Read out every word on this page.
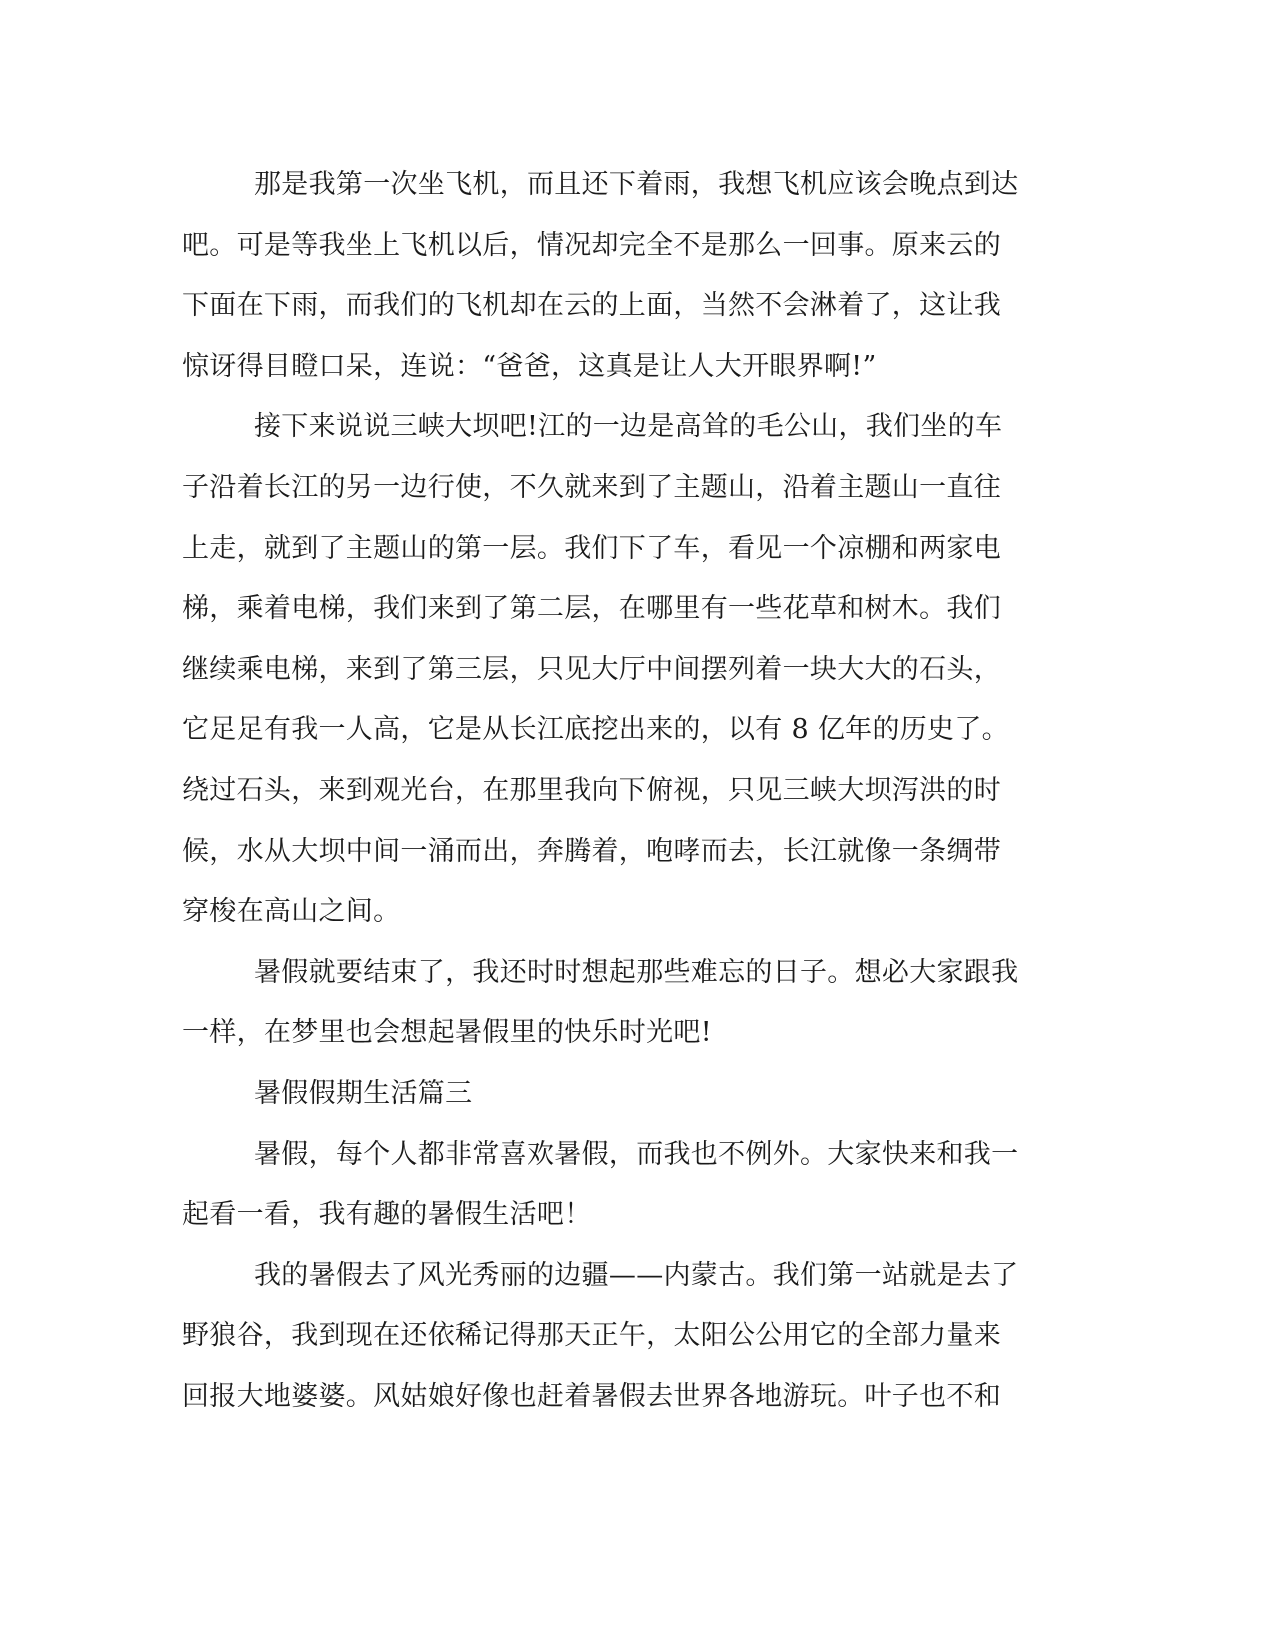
那是我第一次坐飞机，而且还下着雨，我想飞机应该会晚点到达
吧。可是等我坐上飞机以后，情况却完全不是那么一回事。原来云的
下面在下雨，而我们的飞机却在云的上面，当然不会淋着了，这让我
惊讶得目瞪口呆，连说：“爸爸，这真是让人大开眼界啊!”
接下来说说三峡大坝吧!江的一边是高耸的毛公山，我们坐的车
子沿着长江的另一边行使，不久就来到了主题山，沿着主题山一直往
上走，就到了主题山的第一层。我们下了车，看见一个凉棚和两家电
梯，乘着电梯，我们来到了第二层，在哪里有一些花草和树木。我们
继续乘电梯，来到了第三层，只见大厅中间摆列着一块大大的石头，
它足足有我一人高，它是从长江底挖出来的，以有 8 亿年的历史了。
绕过石头，来到观光台，在那里我向下俯视，只见三峡大坝泻洪的时
候，水从大坝中间一涌而出，奔腾着，咆哮而去，长江就像一条绸带
穿梭在高山之间。
暑假就要结束了，我还时时想起那些难忘的日子。想必大家跟我
一样，在梦里也会想起暑假里的快乐时光吧!
暑假假期生活篇三
暑假，每个人都非常喜欢暑假，而我也不例外。大家快来和我一
起看一看，我有趣的暑假生活吧！
我的暑假去了风光秀丽的边疆——内蒙古。我们第一站就是去了
野狼谷，我到现在还依稀记得那天正午，太阳公公用它的全部力量来
回报大地婆婆。风姑娘好像也赶着暑假去世界各地游玩。叶子也不和
